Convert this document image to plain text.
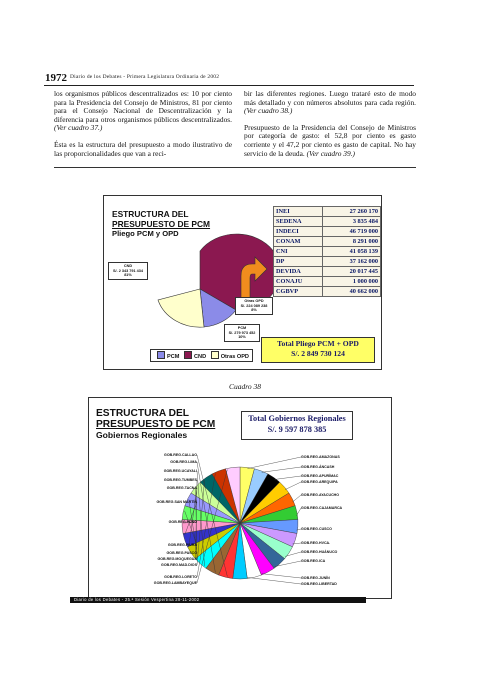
1972 Diario de los Debates - Primera Legislatura Ordinaria de 2002

los organismos públicos descentralizados es: 10 por ciento para la Presidencia del Consejo de Ministros, 81 por ciento para el Consejo Nacional de Descentralización y la diferencia para otros organismos públicos descentralizados. (Ver cuadro 37.)

Ésta es la estructura del presupuesto a modo ilustrativo de las proporcionalidades que van a reci-

bir las diferentes regiones. Luego trataré esto de modo más detallado y con números absolutos para cada región. (Ver cuadro 38.)

Presupuesto de la Presidencia del Consejo de Ministros por categoría de gasto: el 52,8 por ciento es gasto corriente y el 47,2 por ciento es gasto de capital. No hay servicio de la deuda. (Ver cuadro 39.)

ESTRUCTURA DEL
PRESUPUESTO DE PCM
Pliego PCM y OPD
CND
S/. 2 343 791 434
81%
Otras OPD
S/. 224 089 238
8%
PCM
S/. 279 973 452
10%
PCM	CND	Otras OPD
INEI	27 260 170
SEDENA	3 835 484
INDECI	46 719 000
CONAM	8 291 000
CNI	41 058 139
DP	37 162 000
DEVIDA	20 017 445
CONAJU	1 000 000
CGBVP	40 662 000
Total Pliego PCM + OPD
S/. 2 849 730 124
Cuadro 38
ESTRUCTURA DEL
PRESUPUESTO DE PCM
Gobiernos Regionales
Total Gobiernos Regionales
S/. 9 597 878 385
GOB.REG.CALLAO
GOB.REG.LIMA
GOB.REG.UCAYALI
GOB.REG.TUMBES
GOB.REG.TACNA
GOB.REG.SAN MARTÍN
GOB.REG.PUNO
GOB.REG.PIURA
GOB.REG.PASCO
GOB.REG.MOQUEGUA
GOB.REG.MAD.DIOS
GOB.REG.LORETO
GOB.REG.LAMBAYEQUE
GOB.REG.AMAZONAS
GOB.REG.ÁNCASH
GOB.REG.APURÍMAC
GOB.REG.AREQUIPA
GOB.REG.AYACUCHO
GOB.REG.CAJAMARCA
GOB.REG.CUSCO
GOB.REG.HVCA.
GOB.REG.HUÁNUCO
GOB.REG.ICA
GOB.REG.JUNÍN
GOB.REG.LIBERTAD
Diario de los Debates - 25.ª Sesión Vespertina 28-11-2002
